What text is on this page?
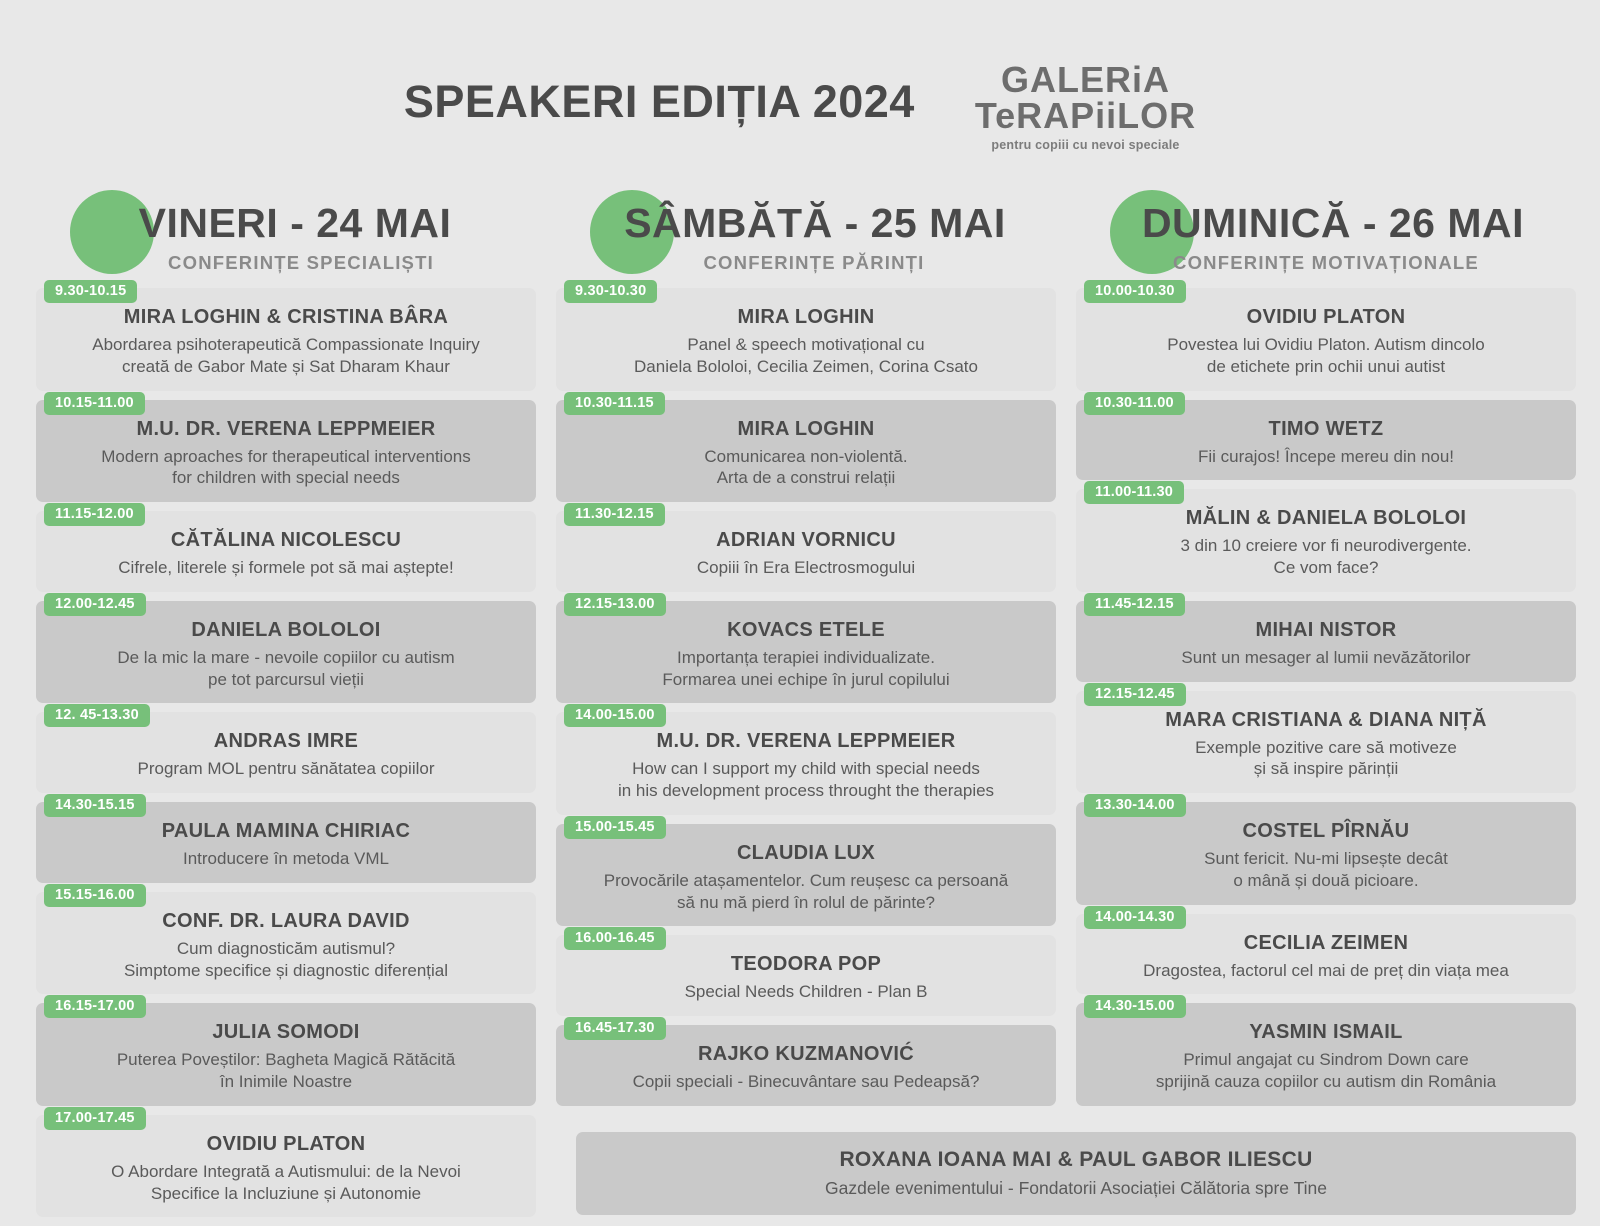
SPEAKERI EDIȚIA 2024	GALERiA
TeRAPiiLOR
pentru copiii cu nevoi speciale
VINERI - 24 MAI
CONFERINȚE SPECIALIȘTI
9.30-10.15
MIRA LOGHIN & CRISTINA BÂRA
Abordarea psihoterapeutică Compassionate Inquiry
creată de Gabor Mate și Sat Dharam Khaur
10.15-11.00
M.U. DR. VERENA LEPPMEIER
Modern aproaches for therapeutical interventions
for children with special needs
11.15-12.00
CĂTĂLINA NICOLESCU
Cifrele, literele și formele pot să mai aștepte!
12.00-12.45
DANIELA BOLOLOI
De la mic la mare - nevoile copiilor cu autism
pe tot parcursul vieții
12. 45-13.30
ANDRAS IMRE
Program MOL pentru sănătatea copiilor
14.30-15.15
PAULA MAMINA CHIRIAC
Introducere în metoda VML
15.15-16.00
CONF. DR. LAURA DAVID
Cum diagnosticăm autismul?
Simptome specifice și diagnostic diferențial
16.15-17.00
JULIA SOMODI
Puterea Poveștilor: Bagheta Magică Rătăcită
în Inimile Noastre
17.00-17.45
OVIDIU PLATON
O Abordare Integrată a Autismului: de la Nevoi
Specifice la Incluziune și Autonomie
SÂMBĂTĂ - 25 MAI
CONFERINȚE PĂRINȚI
9.30-10.30
MIRA LOGHIN
Panel & speech motivațional cu
Daniela Bololoi, Cecilia Zeimen, Corina Csato
10.30-11.15
MIRA LOGHIN
Comunicarea non-violentă.
Arta de a construi relații
11.30-12.15
ADRIAN VORNICU
Copiii în Era Electrosmogului
12.15-13.00
KOVACS ETELE
Importanța terapiei individualizate.
Formarea unei echipe în jurul copilului
14.00-15.00
M.U. DR. VERENA LEPPMEIER
How can I support my child with special needs
in his development process throught the therapies
15.00-15.45
CLAUDIA LUX
Provocările atașamentelor. Cum reușesc ca persoană
să nu mă pierd în rolul de părinte?
16.00-16.45
TEODORA POP
Special Needs Children - Plan B
16.45-17.30
RAJKO KUZMANOVIĆ
Copii speciali - Binecuvântare sau Pedeapsă?
ROXANA IOANA MAI & PAUL GABOR ILIESCU
Gazdele evenimentului - Fondatorii Asociației Călătoria spre Tine
DUMINICĂ - 26 MAI
CONFERINȚE MOTIVAȚIONALE
10.00-10.30
OVIDIU PLATON
Povestea lui Ovidiu Platon. Autism dincolo
de etichete prin ochii unui autist
10.30-11.00
TIMO WETZ
Fii curajos! Începe mereu din nou!
11.00-11.30
MĂLIN & DANIELA BOLOLOI
3 din 10 creiere vor fi neurodivergente.
Ce vom face?
11.45-12.15
MIHAI NISTOR
Sunt un mesager al lumii nevăzătorilor
12.15-12.45
MARA CRISTIANA & DIANA NIȚĂ
Exemple pozitive care să motiveze
și să inspire părinții
13.30-14.00
COSTEL PÎRNĂU
Sunt fericit. Nu-mi lipsește decât
o mână și două picioare.
14.00-14.30
CECILIA ZEIMEN
Dragostea, factorul cel mai de preț din viața mea
14.30-15.00
YASMIN ISMAIL
Primul angajat cu Sindrom Down care
sprijină cauza copiilor cu autism din România
